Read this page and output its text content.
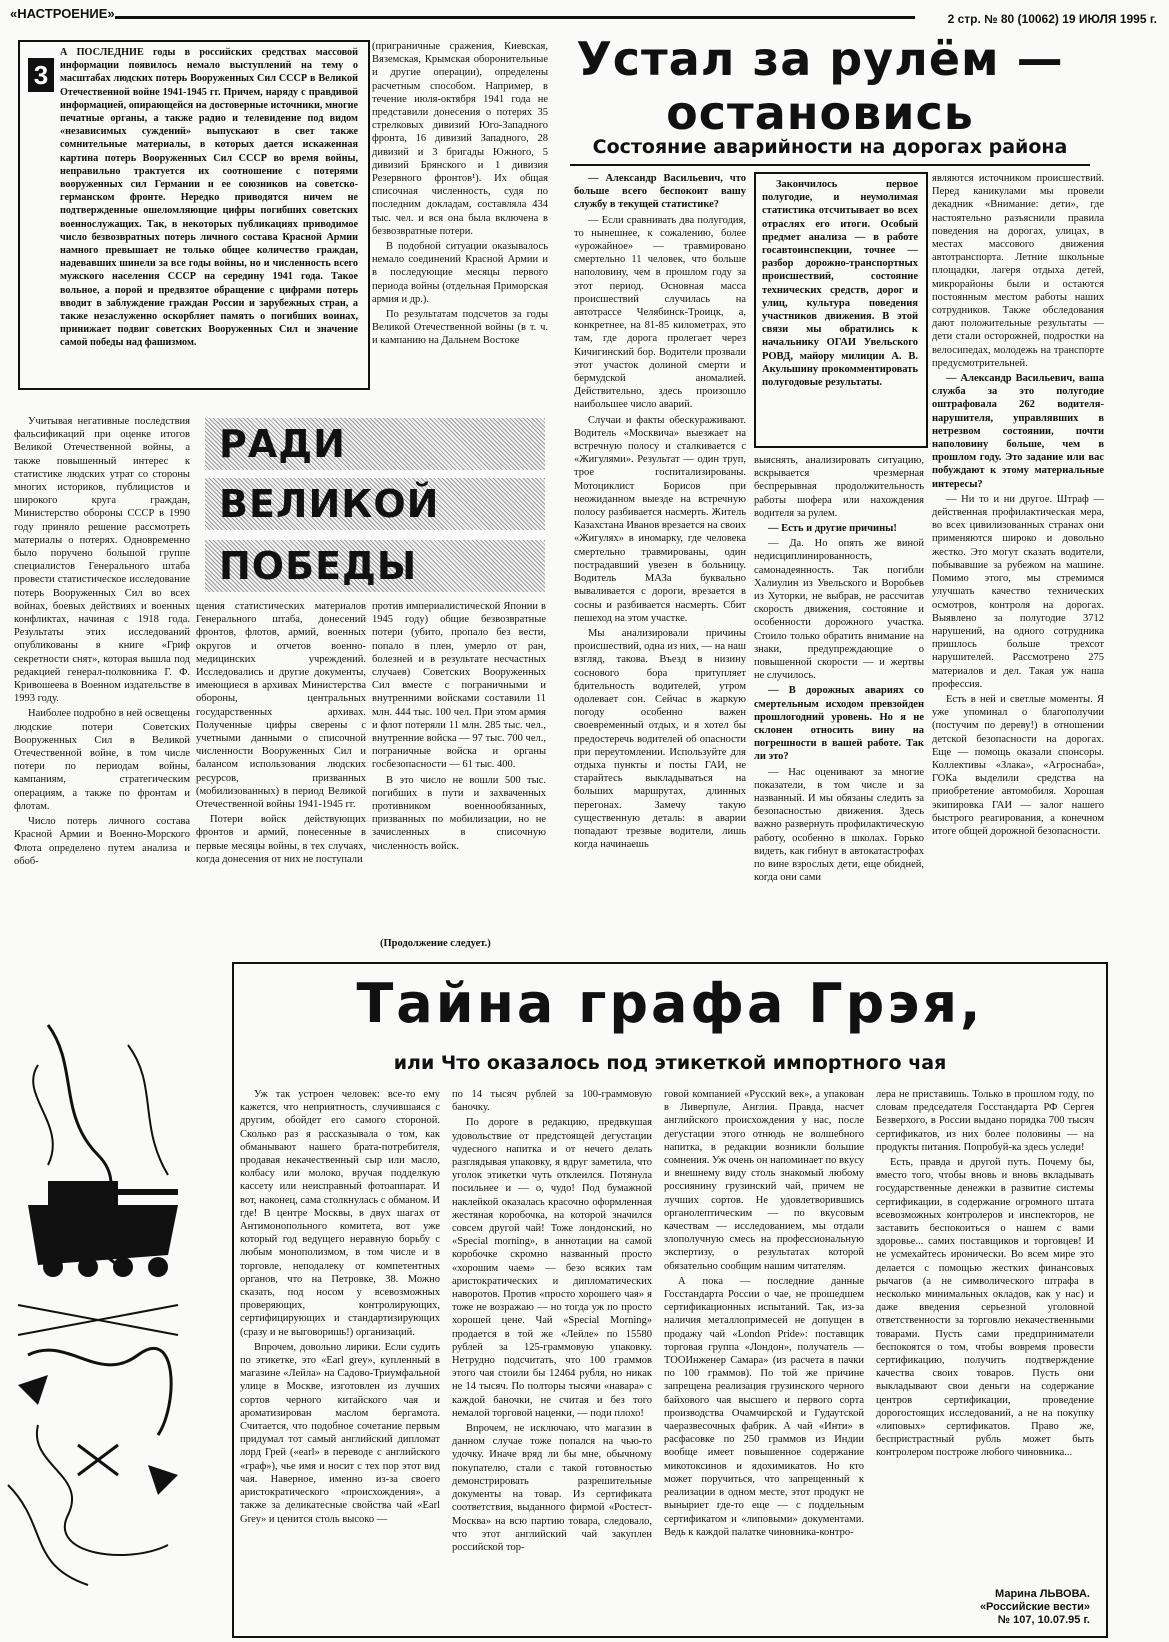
«НАСТРОЕНИЕ»	2 стр. № 80 (10062) 19 ИЮЛЯ 1995 г.
3

А ПОСЛЕДНИЕ годы в российских средствах массовой информации появилось немало выступлений на тему о масштабах людских потерь Вооруженных Сил СССР в Великой Отечественной войне 1941-1945 гг. Причем, наряду с правдивой информацией, опирающейся на достоверные источники, многие печатные органы, а также радио и телевидение под видом «независимых суждений» выпускают в свет также сомнительные материалы, в которых дается искаженная картина потерь Вооруженных Сил СССР во время войны, неправильно трактуется их соотношение с потерями вооруженных сил Германии и ее союзников на советско-германском фронте. Нередко приводятся ничем не подтвержденные ошеломляющие цифры погибших советских военнослужащих. Так, в некоторых публикациях приводимое число безвозвратных потерь личного состава Красной Армии намного превышает не только общее количество граждан, надевавших шинели за все годы войны, но и численность всего мужского населения СССР на середину 1941 года. Такое вольное, а порой и предвзятое обращение с цифрами потерь вводит в заблуждение граждан России и зарубежных стран, а также незаслуженно оскорбляет память о погибших воинах, принижает подвиг советских Вооруженных Сил и значение самой победы над фашизмом.

(приграничные сражения, Киевская, Вяземская, Крымская оборонительные и другие операции), определены расчетным способом. Например, в течение июля-октября 1941 года не представили донесения о потерях 35 стрелковых дивизий Юго-Западного фронта, 16 дивизий Западного, 28 дивизий и 3 бригады Южного, 5 дивизий Брянского и 1 дивизия Резервного фронтов¹). Их общая списочная численность, судя по последним докладам, составляла 434 тыс. чел. и вся она была включена в безвозвратные потери.

В подобной ситуации оказывалось немало соединений Красной Армии и в последующие месяцы первого периода войны (отдельная Приморская армия и др.).

По результатам подсчетов за годы Великой Отечественной войны (в т. ч. и кампанию на Дальнем Востоке

РАДИ
ВЕЛИКОЙ
ПОБЕДЫ

Учитывая негативные последствия фальсификаций при оценке итогов Великой Отечественной войны, а также повышенный интерес к статистике людских утрат со стороны многих историков, публицистов и широкого круга граждан, Министерство обороны СССР в 1990 году приняло решение рассмотреть материалы о потерях. Одновременно было поручено большой группе специалистов Генерального штаба провести статистическое исследование потерь Вооруженных Сил во всех войнах, боевых действиях и военных конфликтах, начиная с 1918 года. Результаты этих исследований опубликованы в книге «Гриф секретности снят», которая вышла под редакцией генерал-полковника Г. Ф. Кривошеева в Военном издательстве в 1993 году.

Наиболее подробно в ней освещены людские потери Советских Вооруженных Сил в Великой Отечественной войне, в том числе потери по периодам войны, кампаниям, стратегическим операциям, а также по фронтам и флотам.

Число потерь личного состава Красной Армии и Военно-Морского Флота определено путем анализа и обоб-

щения статистических материалов Генерального штаба, донесений фронтов, флотов, армий, военных округов и отчетов военно-медицинских учреждений. Исследовались и другие документы, имеющиеся в архивах Министерства обороны, центральных государственных архивах. Полученные цифры сверены с учетными данными о списочной численности Вооруженных Сил и балансом использования людских ресурсов, призванных (мобилизованных) в период Великой Отечественной войны 1941-1945 гг.

Потери войск действующих фронтов и армий, понесенные в первые месяцы войны, в тех случаях, когда донесения от них не поступали

против империалистической Японии в 1945 году) общие безвозвратные потери (убито, пропало без вести, попало в плен, умерло от ран, болезней и в результате несчастных случаев) Советских Вооруженных Сил вместе с пограничными и внутренними войсками составили 11 млн. 444 тыс. 100 чел. При этом армия и флот потеряли 11 млн. 285 тыс. чел., внутренние войска — 97 тыс. 700 чел., пограничные войска и органы госбезопасности — 61 тыс. 400.

В это число не вошли 500 тыс. погибших в пути и захваченных противником военнообязанных, призванных по мобилизации, но не зачисленных в списочную численность войск.

(Продолжение следует.)
Устал за рулём —
остановись
Состояние аварийности на дорогах района

Закончилось первое полугодие, и неумолимая статистика отсчитывает во всех отраслях его итоги. Особый предмет анализа — в работе госавтоинспекции, точнее — разбор дорожно-транспортных происшествий, состояние технических средств, дорог и улиц, культура поведения участников движения. В этой связи мы обратились к начальнику ОГАИ Увельского РОВД, майору милиции А. В. Акульшину прокомментировать полугодовые результаты.

— Александр Васильевич, что больше всего беспокоит вашу службу в текущей статистике?

— Если сравнивать два полугодия, то нынешнее, к сожалению, более «урожайное» — травмировано смертельно 11 человек, что больше наполовину, чем в прошлом году за этот период. Основная масса происшествий случилась на автотрассе Челябинск-Троицк, а, конкретнее, на 81-85 километрах, это там, где дорога пролегает через Кичигинский бор. Водители прозвали этот участок долиной смерти и бермудской аномалией. Действительно, здесь произошло наибольшее число аварий.

Случаи и факты обескураживают. Водитель «Москвича» выезжает на встречную полосу и сталкивается с «Жигулями». Результат — один труп, трое госпитализированы. Мотоциклист Борисов при неожиданном выезде на встречную полосу разбивается насмерть. Житель Казахстана Иванов врезается на своих «Жигулях» в иномарку, где человека смертельно травмированы, один пострадавший увезен в больницу. Водитель МАЗа буквально вываливается с дороги, врезается в сосны и разбивается насмерть. Сбит пешеход на этом участке.

Мы анализировали причины происшествий, одна из них, — на наш взгляд, такова. Въезд в низину соснового бора притупляет бдительность водителей, утром одолевает сон. Сейчас в жаркую погоду особенно важен своевременный отдых, и я хотел бы предостеречь водителей об опасности при переутомлении. Используйте для отдыха пункты и посты ГАИ, не старайтесь выкладываться на больших маршрутах, длинных перегонах. Замечу такую существенную деталь: в аварии попадают трезвые водители, лишь когда начинаешь

выяснять, анализировать ситуацию, вскрывается чрезмерная беспрерывная продолжительность работы шофера или нахождения водителя за рулем.

— Есть и другие причины!

— Да. Но опять же виной недисциплинированность, самонадеянность. Так погибли Халиулин из Увельского и Воробьев из Хуторки, не выбрав, не рассчитав скорость движения, состояние и особенности дорожного участка. Стоило только обратить внимание на знаки, предупреждающие о повышенной скорости — и жертвы не случилось.

— В дорожных авариях со смертельным исходом превзойден прошлогодний уровень. Но я не склонен относить вину на погрешности в вашей работе. Так ли это?

— Нас оценивают за многие показатели, в том числе и за названный. И мы обязаны следить за безопасностью движения. Здесь важно развернуть профилактическую работу, особенно в школах. Горько видеть, как гибнут в автокатастрофах по вине взрослых дети, еще обидней, когда они сами

являются источником происшествий. Перед каникулами мы провели декадник «Внимание: дети», где настоятельно разъяснили правила поведения на дорогах, улицах, в местах массового движения автотранспорта. Летние школьные площадки, лагеря отдыха детей, микрорайоны были и остаются постоянным местом работы наших сотрудников. Также обследования дают положительные результаты — дети стали осторожней, подростки на велосипедах, молодежь на транспорте предусмотрительней.

— Александр Васильевич, ваша служба за это полугодие оштрафовала 262 водителя-нарушителя, управлявших в нетрезвом состоянии, почти наполовину больше, чем в прошлом году. Это задание или вас побуждают к этому материальные интересы?

— Ни то и ни другое. Штраф — действенная профилактическая мера, во всех цивилизованных странах они применяются широко и довольно жестко. Это могут сказать водители, побывавшие за рубежом на машине. Помимо этого, мы стремимся улучшать качество технических осмотров, контроля на дорогах. Выявлено за полугодие 3712 нарушений, на одного сотрудника пришлось больше трехсот нарушителей. Рассмотрено 275 материалов и дел. Такая уж наша профессия.

Есть в ней и светлые моменты. Я уже упоминал о благополучии (постучим по дереву!) в отношении детской безопасности на дорогах. Еще — помощь оказали спонсоры. Коллективы «Злака», «Агроснаба», ГОКа выделили средства на приобретение автомобиля. Хорошая экипировка ГАИ — залог нашего быстрого реагирования, а конечном итоге общей дорожной безопасности.

Тайна графа Грэя,
или Что оказалось под этикеткой импортного чая

Уж так устроен человек: все-то ему кажется, что неприятность, случившаяся с другим, обойдет его самого стороной. Сколько раз я рассказывала о том, как обманывают нашего брата-потребителя, продавая некачественный сыр или масло, колбасу или молоко, вручая подделкую кассету или неисправный фотоаппарат. И вот, наконец, сама столкнулась с обманом. И где! В центре Москвы, в двух шагах от Антимонопольного комитета, вот уже который год ведущего неравную борьбу с любым монополизмом, в том числе и в торговле, неподалеку от компетентных органов, что на Петровке, 38. Можно сказать, под носом у всевозможных проверяющих, контролирующих, сертифицирующих и стандартизирующих (сразу и не выговоришь!) организаций.

Впрочем, довольно лирики. Если судить по этикетке, это «Earl grey», купленный в магазине «Лейла» на Садово-Триумфальной улице в Москве, изготовлен из лучших сортов черного китайского чая и ароматизирован маслом бергамота. Считается, что подобное сочетание первым придумал тот самый английский дипломат лорд Грей («earl» в переводе с английского «граф»), чье имя и носит с тех пор этот вид чая. Наверное, именно из-за своего аристократического «происхождения», а также за деликатесные свойства чай «Earl Grey» и ценится столь высоко —

по 14 тысяч рублей за 100-граммовую баночку.

По дороге в редакцию, предвкушая удовольствие от предстоящей дегустации чудесного напитка и от нечего делать разглядывая упаковку, я вдруг заметила, что уголок этикетки чуть отклеился. Потянула посильнее и — о, чудо! Под бумажной наклейкой оказалась красочно оформленная жестяная коробочка, на которой значился совсем другой чай! Тоже лондонский, но «Special morning», в аннотации на самой коробочке скромно названный просто «хорошим чаем» — безо всяких там аристократических и дипломатических наворотов. Против «просто хорошего чая» я тоже не возражаю — но тогда уж по просто хорошей цене. Чай «Special Morning» продается в той же «Лейле» по 15580 рублей за 125-граммовую упаковку. Нетрудно подсчитать, что 100 граммов этого чая стоили бы 12464 рубля, но никак не 14 тысяч. По полторы тысячи «навара» с каждой баночки, не считая и без того немалой торговой наценки, — поди плохо!

Впрочем, не исключаю, что магазин в данном случае тоже попался на чью-то удочку. Иначе вряд ли бы мне, обычному покупателю, стали с такой готовностью демонстрировать разрешительные документы на товар. Из сертификата соответствия, выданного фирмой «Ростест-Москва» на всю партию товара, следовало, что этот английский чай закуплен российской тор-

говой компанией «Русский век», а упакован в Ливерпуле, Англия. Правда, насчет английского происхождения у нас, после дегустации этого отнюдь не волшебного напитка, в редакции возникли большие сомнения. Уж очень он напоминает по вкусу и внешнему виду столь знакомый любому россиянину грузинский чай, причем не лучших сортов. Не удовлетворившись органолептическим — по вкусовым качествам — исследованием, мы отдали злополучную смесь на профессиональную экспертизу, о результатах которой обязательно сообщим нашим читателям.

А пока — последние данные Госстандарта России о чае, не прошедшем сертификационных испытаний. Так, из-за наличия металлопримесей не допущен в продажу чай «London Pride»: поставщик торговая группа «Лондон», получатель — ТООИнженер Самара» (из расчета в пачки по 100 граммов). По той же причине запрещена реализация грузинского черного байхового чая высшего и первого сорта производства Очамчирской и Гудаутской чаеразвесочных фабрик. А чай «Инти» в расфасовке по 250 граммов из Индии вообще имеет повышенное содержание микотоксинов и ядохимикатов. Но кто может поручиться, что запрещенный к реализации в одном месте, этот продукт не выныриет где-то еще — с поддельным сертификатом и «липовыми» документами. Ведь к каждой палатке чиновника-контро-

лера не приставишь. Только в прошлом году, по словам председателя Госстандарта РФ Сергея Безверхого, в России выдано порядка 700 тысяч сертификатов, из них более половины — на продукты питания. Попробуй-ка здесь уследи!

Есть, правда и другой путь. Почему бы, вместо того, чтобы вновь и вновь вкладывать государственные денежки в развитие системы сертификации, в содержание огромного штата всевозможных контролеров и инспекторов, не заставить беспокоиться о нашем с вами здоровье... самих поставщиков и торговцев! И не усмехайтесь иронически. Во всем мире это делается с помощью жестких финансовых рычагов (а не символического штрафа в несколько минимальных окладов, как у нас) и даже введения серьезной уголовной ответственности за торговлю некачественными товарами. Пусть сами предприниматели беспокоятся о том, чтобы вовремя провести сертификацию, получить подтверждение качества своих товаров. Пусть они выкладывают свои деньги на содержание центров сертификации, проведение дорогостоящих исследований, а не на покупку «липовых» сертификатов. Право же, беспристрастный рубль может быть контролером построже любого чиновника...

Марина ЛЬВОВА.
«Российские вести»
№ 107, 10.07.95 г.
